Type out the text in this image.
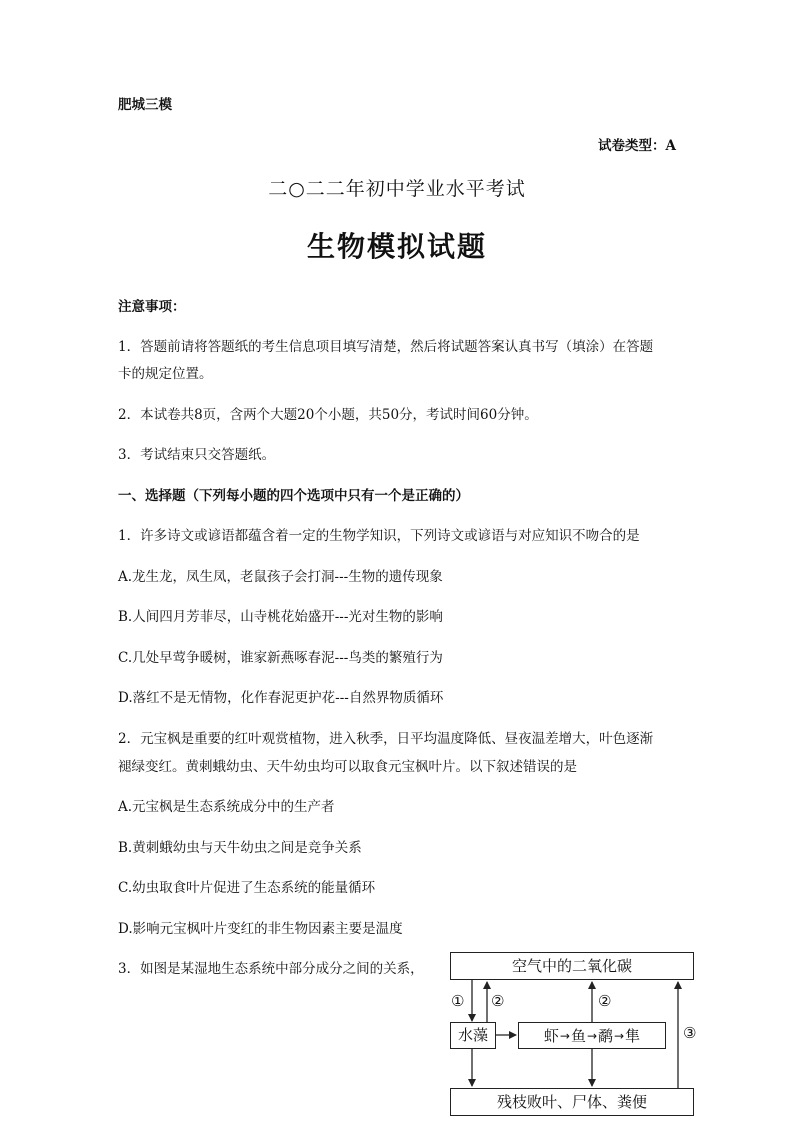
肥城三模
试卷类型：A
二○二二年初中学业水平考试
生物模拟试题
注意事项：
1．答题前请将答题纸的考生信息项目填写清楚，然后将试题答案认真书写（填涂）在答题
卡的规定位置。
2．本试卷共8页，含两个大题20个小题，共50分，考试时间60分钟。
3．考试结束只交答题纸。
一、选择题（下列每小题的四个选项中只有一个是正确的）
1．许多诗文或谚语都蕴含着一定的生物学知识，下列诗文或谚语与对应知识不吻合的是
A.龙生龙，凤生凤，老鼠孩子会打洞---生物的遗传现象
B.人间四月芳菲尽，山寺桃花始盛开---光对生物的影响
C.几处早莺争暖树，谁家新燕啄春泥---鸟类的繁殖行为
D.落红不是无情物，化作春泥更护花---自然界物质循环
2．元宝枫是重要的红叶观赏植物，进入秋季，日平均温度降低、昼夜温差增大，叶色逐渐
褪绿变红。黄刺蛾幼虫、天牛幼虫均可以取食元宝枫叶片。以下叙述错误的是
A.元宝枫是生态系统成分中的生产者
B.黄刺蛾幼虫与天牛幼虫之间是竞争关系
C.幼虫取食叶片促进了生态系统的能量循环
D.影响元宝枫叶片变红的非生物因素主要是温度
3．如图是某湿地生态系统中部分成分之间的关系，	空气中的二氧化碳
水藻	虾 → 鱼 → 鹬 → 隼
残枝败叶、尸体、粪便
① ②	②
③
